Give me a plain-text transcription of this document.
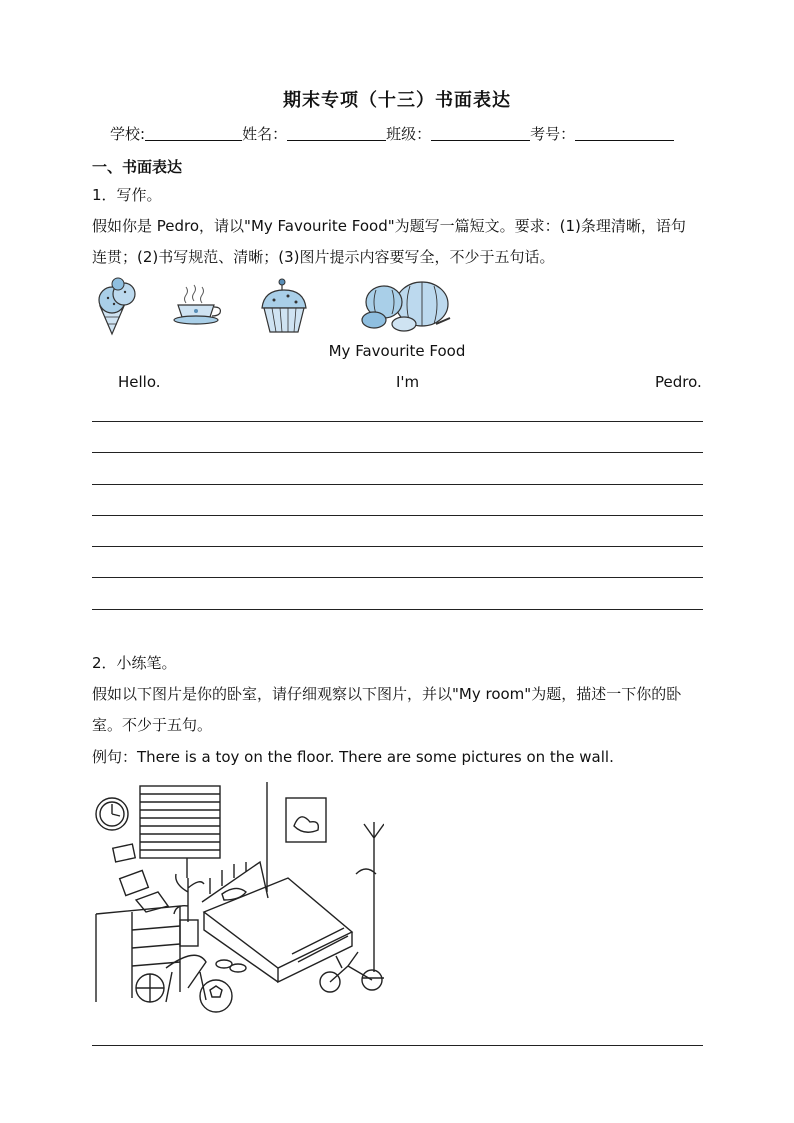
期末专项（十三）书面表达
学校:	姓名：	班级：	考号：
一、书面表达
1．写作。
假如你是 Pedro，请以"My Favourite Food"为题写一篇短文。要求：(1)条理清晰，语句
连贯；(2)书写规范、清晰；(3)图片提示内容要写全，不少于五句话。
My Favourite Food
Hello.	I'm	Pedro.
2．小练笔。
假如以下图片是你的卧室，请仔细观察以下图片，并以"My room"为题，描述一下你的卧
室。不少于五句。
例句：There is a toy on the floor. There are some pictures on the wall.
